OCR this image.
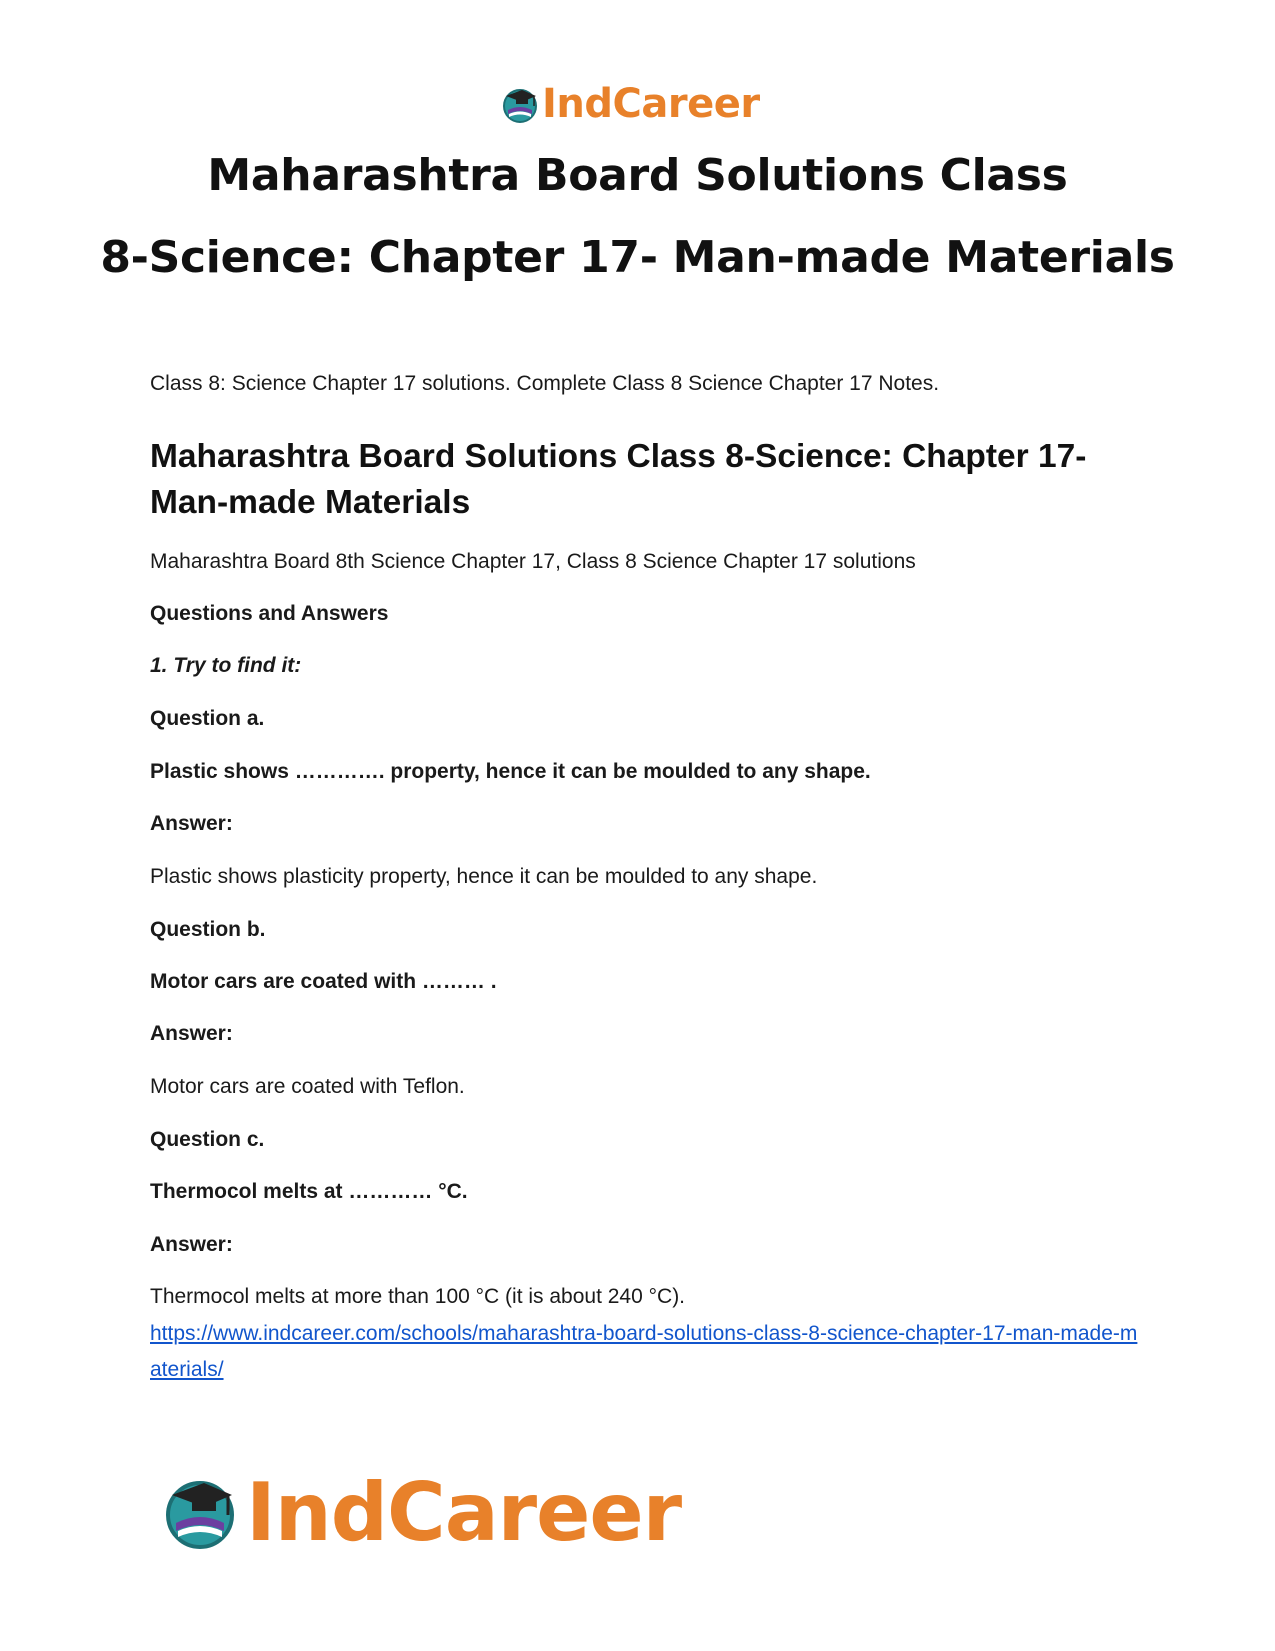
IndCareer
Maharashtra Board Solutions Class
8-Science: Chapter 17- Man-made Materials
Class 8: Science Chapter 17 solutions. Complete Class 8 Science Chapter 17 Notes.
Maharashtra Board Solutions Class 8-Science: Chapter 17- Man-made Materials
Maharashtra Board 8th Science Chapter 17, Class 8 Science Chapter 17 solutions
Questions and Answers
1. Try to find it:
Question a.
Plastic shows …………. property, hence it can be moulded to any shape.
Answer:
Plastic shows plasticity property, hence it can be moulded to any shape.
Question b.
Motor cars are coated with ……… .
Answer:
Motor cars are coated with Teflon.
Question c.
Thermocol melts at ………… °C.
Answer:
Thermocol melts at more than 100 °C (it is about 240 °C).
https://www.indcareer.com/schools/maharashtra-board-solutions-class-8-science-chapter-17-man-made-materials/
IndCareer
